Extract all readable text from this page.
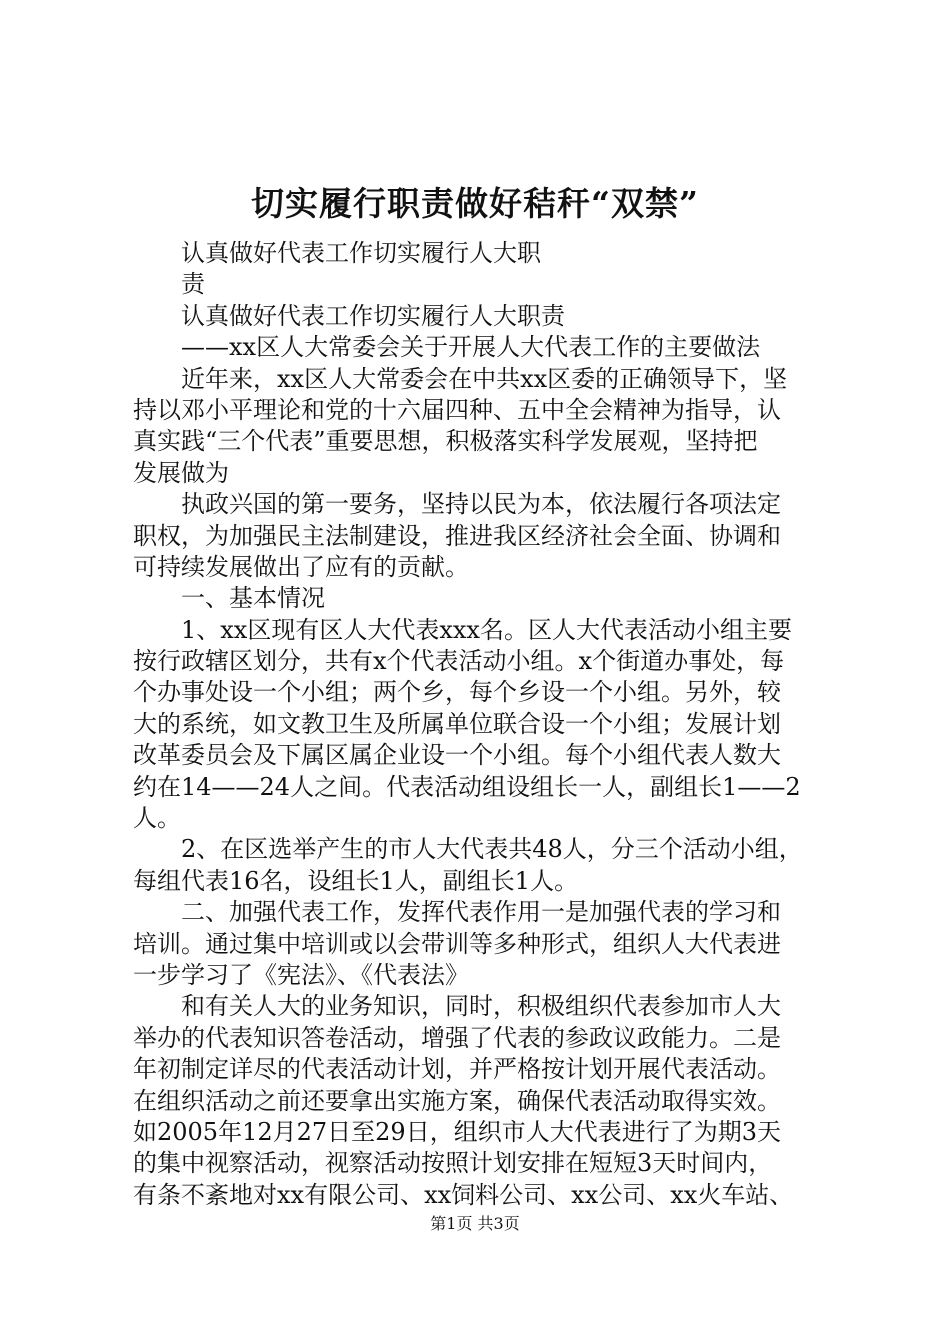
切实履行职责做好秸秆“双禁”
认真做好代表工作切实履行人大职
责
认真做好代表工作切实履行人大职责
——xx区人大常委会关于开展人大代表工作的主要做法
近年来，xx区人大常委会在中共xx区委的正确领导下，坚
持以邓小平理论和党的十六届四种、五中全会精神为指导，认
真实践“三个代表”重要思想，积极落实科学发展观，坚持把
发展做为
执政兴国的第一要务，坚持以民为本，依法履行各项法定
职权，为加强民主法制建设，推进我区经济社会全面、协调和
可持续发展做出了应有的贡献。
一、基本情况
1、xx区现有区人大代表xxx名。区人大代表活动小组主要
按行政辖区划分，共有x个代表活动小组。x个街道办事处，每
个办事处设一个小组；两个乡，每个乡设一个小组。另外，较
大的系统，如文教卫生及所属单位联合设一个小组；发展计划
改革委员会及下属区属企业设一个小组。每个小组代表人数大
约在14——24人之间。代表活动组设组长一人，副组长1——2
人。
2、在区选举产生的市人大代表共48人，分三个活动小组，
每组代表16名，设组长1人，副组长1人。
二、加强代表工作，发挥代表作用一是加强代表的学习和
培训。通过集中培训或以会带训等多种形式，组织人大代表进
一步学习了《宪法》、《代表法》
和有关人大的业务知识，同时，积极组织代表参加市人大
举办的代表知识答卷活动，增强了代表的参政议政能力。二是
年初制定详尽的代表活动计划，并严格按计划开展代表活动。
在组织活动之前还要拿出实施方案，确保代表活动取得实效。
如2005年12月27日至29日，组织市人大代表进行了为期3天
的集中视察活动，视察活动按照计划安排在短短3天时间内，
有条不紊地对xx有限公司、xx饲料公司、xx公司、xx火车站、
第1页 共3页
